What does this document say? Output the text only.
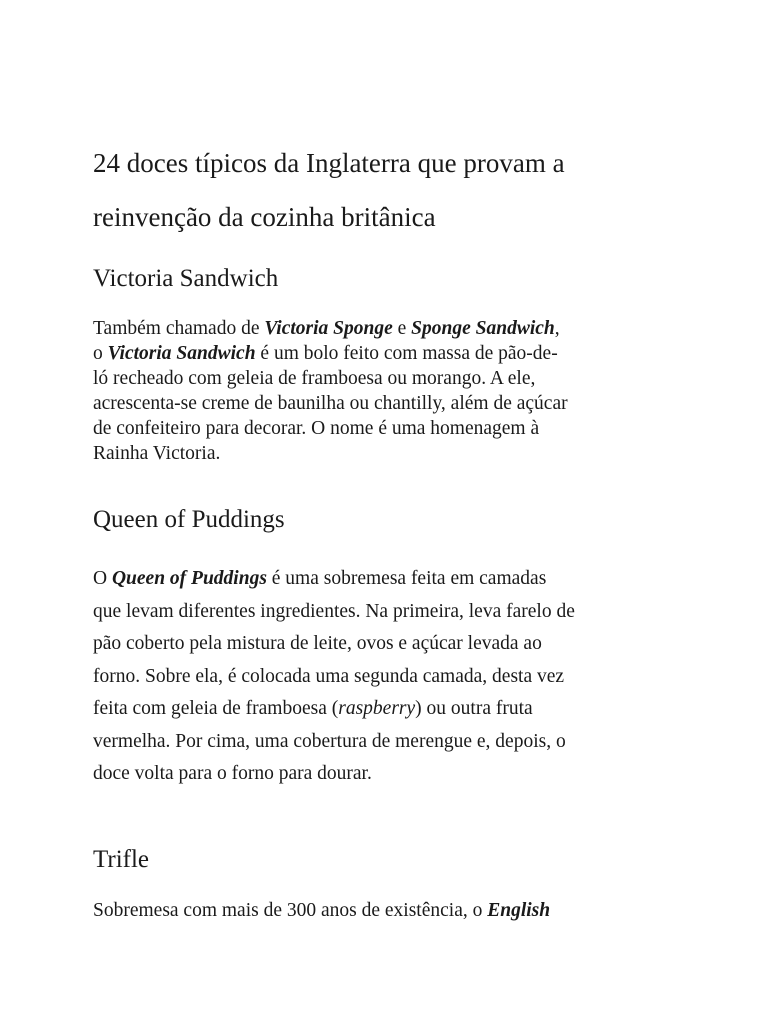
24 doces típicos da Inglaterra que provam a
reinvenção da cozinha britânica
Victoria Sandwich
Também chamado de Victoria Sponge e Sponge Sandwich,
o Victoria Sandwich é um bolo feito com massa de pão-de-
ló recheado com geleia de framboesa ou morango. A ele,
acrescenta-se creme de baunilha ou chantilly, além de açúcar
de confeiteiro para decorar. O nome é uma homenagem à
Rainha Victoria.
Queen of Puddings
O Queen of Puddings é uma sobremesa feita em camadas
que levam diferentes ingredientes. Na primeira, leva farelo de
pão coberto pela mistura de leite, ovos e açúcar levada ao
forno. Sobre ela, é colocada uma segunda camada, desta vez
feita com geleia de framboesa (raspberry) ou outra fruta
vermelha. Por cima, uma cobertura de merengue e, depois, o
doce volta para o forno para dourar.
Trifle
Sobremesa com mais de 300 anos de existência, o English
